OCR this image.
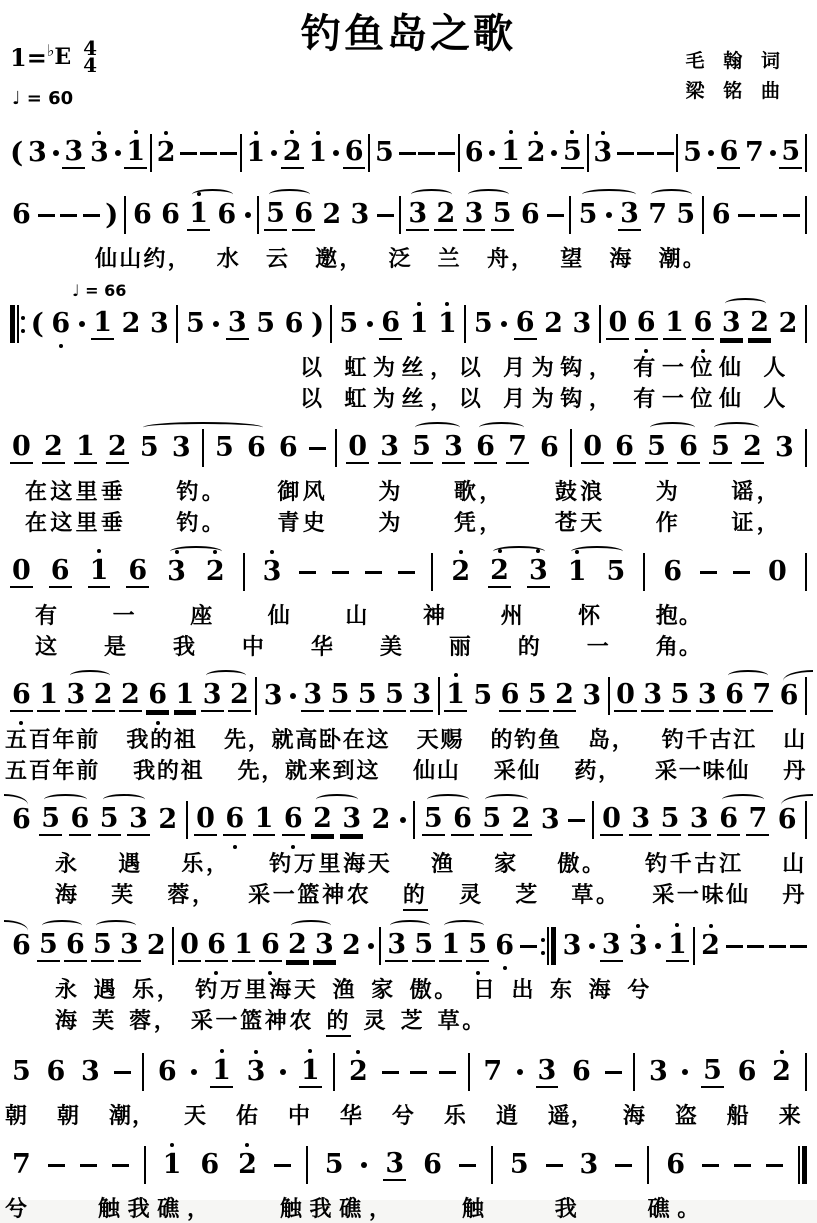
钓鱼岛之歌
1= ♭ E 4
4
♩ = 60
毛 翰 词
梁 铭 曲
( 3 3 3 1 2	1 2 1 6 5	6 1 2 5 3	5 6 7 5
6	) 6 6 1 6 5 6 2 3 3 2 3 5 6 5 3 7 5 6
仙山约， 水 云 邀， 泛 兰 舟， 望 海 潮。
♩ = 66
( 6 1 2 3 5 3 5 6 ) 5 6 1 1 5 6 2 3 0 6 1 6 3 2 2
以 虹为丝，以 月为钩， 有一位仙 人
以 虹为丝，以 月为钩， 有一位仙 人
0 2 1 2 5 3 5 6 6 0 3 5 3 6 7 6 0 6 5 6 5 2 3
在这里垂 钓。 御风 为 歌， 鼓浪 为 谣，
在这里垂 钓。 青史 为 凭， 苍天 作 证，
0 6 1 6 3 2 3	2 2 3 1 5 6	0
有 一 座 仙 山 神 州 怀 抱。
这 是 我 中 华 美 丽 的 一 角。
6 1 3 2 2 6 1 3 2 3 3 5 5 5 3 1 5 6 5 2 3 0 3 5 3 6 7 6
五百年前 我的祖 先，就高卧在这 天赐 的钓鱼 岛， 钓千古江 山
五百年前 我的祖 先，就来到这 仙山 采仙 药， 采一味仙 丹
6 5 6 5 3 2 0 6 1 6 2 3 2 5 6 5 2 3 0 3 5 3 6 7 6
永 遇 乐， 钓万里海天 渔 家 傲。 钓千古江 山
海 芙 蓉， 采一篮神农 的 灵 芝 草。 采一味仙 丹
6 5 6 5 3 2 0 6 1 6 2 3 2 3 5 1 5 6 3 3 3 1 2
永 遇 乐， 钓万里海天 渔 家 傲。 日 出 东 海 兮
海 芙 蓉， 采一篮神农 的 灵 芝 草。
5 6 3 6 1 3 1 2	7 3 6 3 5 6 2
朝 朝 潮， 天 佑 中 华 兮 乐 逍 遥， 海 盗 船 来
7	1 6 2	5 3 6	5 3	6
兮	触我礁，	触我礁，	触	我	礁。
